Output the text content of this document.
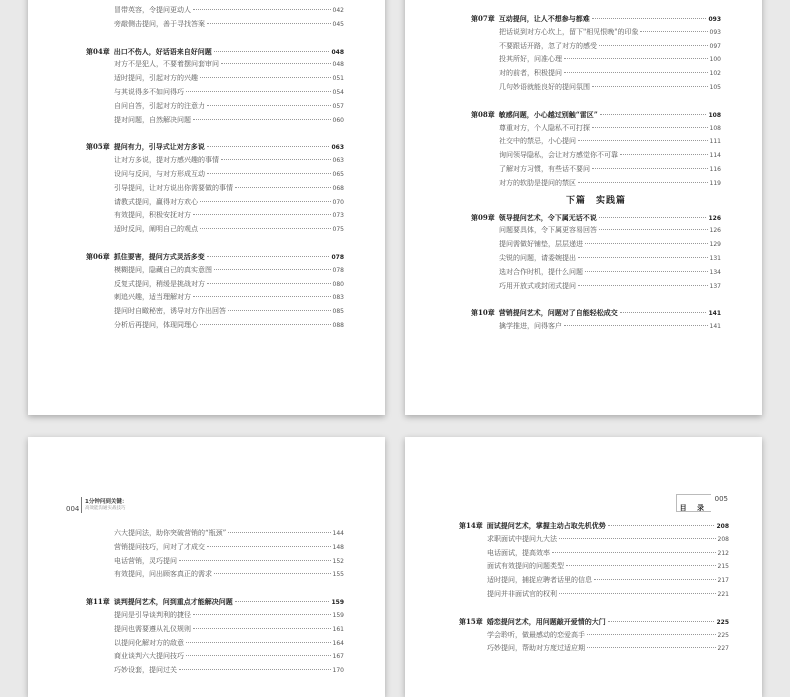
冒带英容，令提问更动人	042
旁敲侧击提问，善于寻找答案	045
第04章 出口不伤人，好话语来自好问题	048
对方不是犯人，不要着摆问套审问	048
适时提问，引起对方的兴趣	051
与其说得多不如问得巧	054
自问自答，引起对方的注意力	057
提对问题，自然解决问题	060
第05章 提问有力，引导式让对方多说	063
让对方多说，提对方感兴趣的事情	063
设问与反问，与对方形成互动	065
引导提问，让对方说出你需要做的事情	068
请教式提问，赢得对方欢心	070
有效提问，积极安抚对方	073
适时反问，阐明自己的观点	075
第06章 抓住要害，提问方式灵活多变	078
模糊提问，隐藏自己的真实意图	078
反复式提问，稍缓是挑战对方	080
刺追兴趣，适当理解对方	083
提问时自瞰秘密，诱导对方作出回答	085
分析后再提问，体现同理心	088
第07章 互动提问，让人不想参与都难	093
把话说到对方心坎上，留下"相见恨晚"的印象	093
不要跟话开路，忽了对方的感受	097
投其所好，问准心理	100
对的前者，积极提问	102
几句妙语就能良好的提问氛围	105
第08章 敏感问题，小心越过别触“雷区”	108
尊重对方，个人隐私不可打探	108
社交中的禁忌，小心提问	111
询问领导隐私，会让对方感觉你不可靠	114
了解对方习惯，有些话不要问	116
对方的软肋是提问的禁区	119
下篇　实践篇
第09章 领导提问艺术，令下属无话不说	126
问题要具体，令下属更容易回答	126
提问需做好铺垫，层层递进	129
尖锐的问题，请委婉提出	131
选对合作时机，提什么问题	134
巧用开放式或封闭式提问	137
第10章 营销提问艺术，问题对了自能轻松成交	141
擒学推进，问得客户	141
004
1分钟问到关键：
高效能沟通实战技巧
六大提问法，助你突破营销的“瓶颈”	144
营销提问技巧，问对了才成交	148
电话营销，灵巧提问	152
有效提问，问出顾客真正的需求	155
第11章 谈判提问艺术，问到重点才能解决问题	159
提问是引导谈判利的捷径	159
提问也需要遵从礼仪规则	161
以提问化解对方的敌意	164
商业谈判六大提问技巧	167
巧妙设套，提问过关	170
目 录
005
第14章 面试提问艺术，掌握主动占取先机优势	208
求职面试中提问九大法	208
电话面试，提高效率	212
面试有效提问的问题类型	215
适时提问，捕捉应聘者话里的信息	217
提问并非面试官的权利	221
第15章 婚恋提问艺术，用问题敲开爱情的大门	225
学会聆听，做最感动的恋爱高手	225
巧妙提问，帮助对方度过适应期	227
